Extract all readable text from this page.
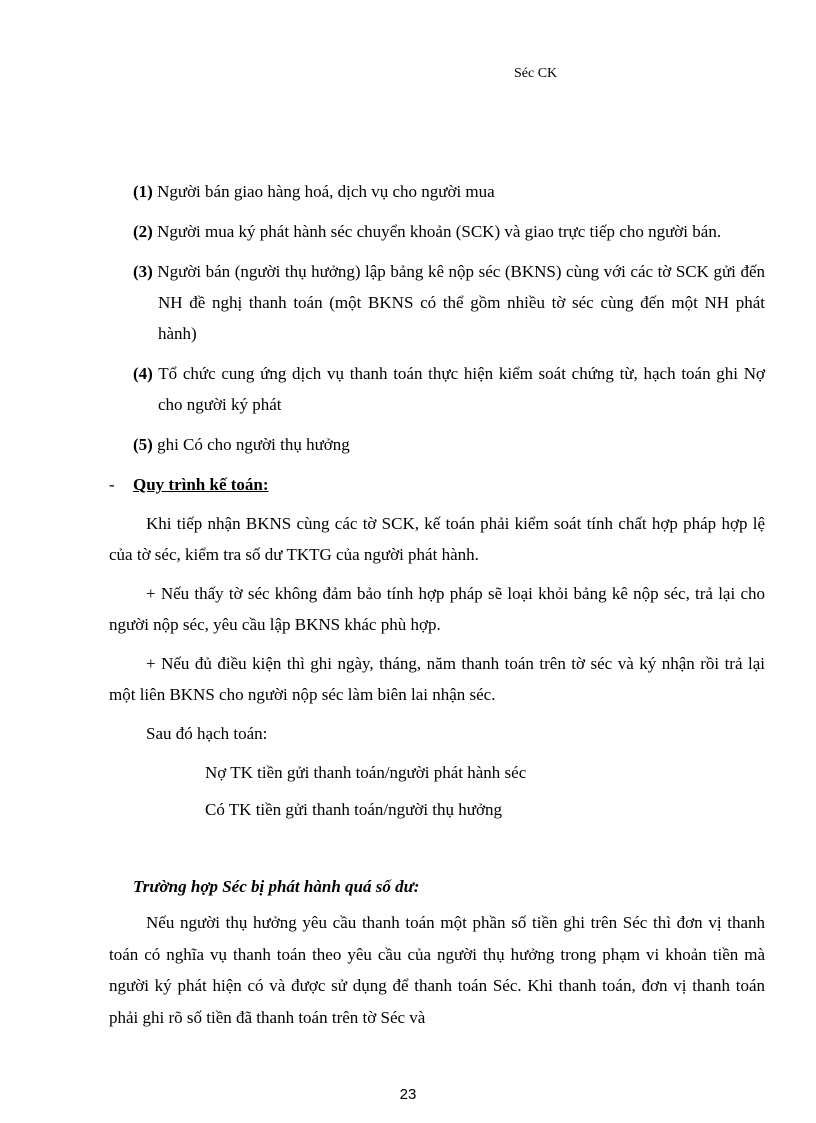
Séc CK

(1) Người bán giao hàng hoá, dịch vụ cho người mua

(2) Người mua ký phát hành séc chuyển khoản (SCK) và giao trực tiếp cho người bán.

(3) Người bán (người thụ hưởng) lập bảng kê nộp séc (BKNS) cùng với các tờ SCK gửi đến NH đề nghị thanh toán (một BKNS có thể gồm nhiều tờ séc cùng đến một NH phát hành)

(4) Tổ chức cung ứng dịch vụ thanh toán thực hiện kiểm soát chứng từ, hạch toán ghi Nợ cho người ký phát

(5) ghi Có cho người thụ hưởng

-	Quy trình kế toán:

Khi tiếp nhận BKNS cùng các tờ SCK, kế toán phải kiểm soát tính chất hợp pháp hợp lệ của tờ séc, kiểm tra số dư TKTG của người phát hành.

+ Nếu thấy tờ séc không đảm bảo tính hợp pháp sẽ loại khỏi bảng kê nộp séc, trả lại cho người nộp séc, yêu cầu lập BKNS khác phù hợp.

+ Nếu đủ điều kiện thì ghi ngày, tháng, năm thanh toán trên tờ séc và ký nhận rồi trả lại một liên BKNS cho người nộp séc làm biên lai nhận séc.

Sau đó hạch toán:

Nợ TK tiền gửi thanh toán/người phát hành séc

Có TK tiền gửi thanh toán/người thụ hưởng

Trường hợp Séc bị phát hành quá số dư:

Nếu người thụ hưởng yêu cầu thanh toán một phần số tiền ghi trên Séc thì đơn vị thanh toán có nghĩa vụ thanh toán theo yêu cầu của người thụ hưởng trong phạm vi khoản tiền mà người ký phát hiện có và được sử dụng để thanh toán Séc. Khi thanh toán, đơn vị thanh toán phải ghi rõ số tiền đã thanh toán trên tờ Séc và

23
